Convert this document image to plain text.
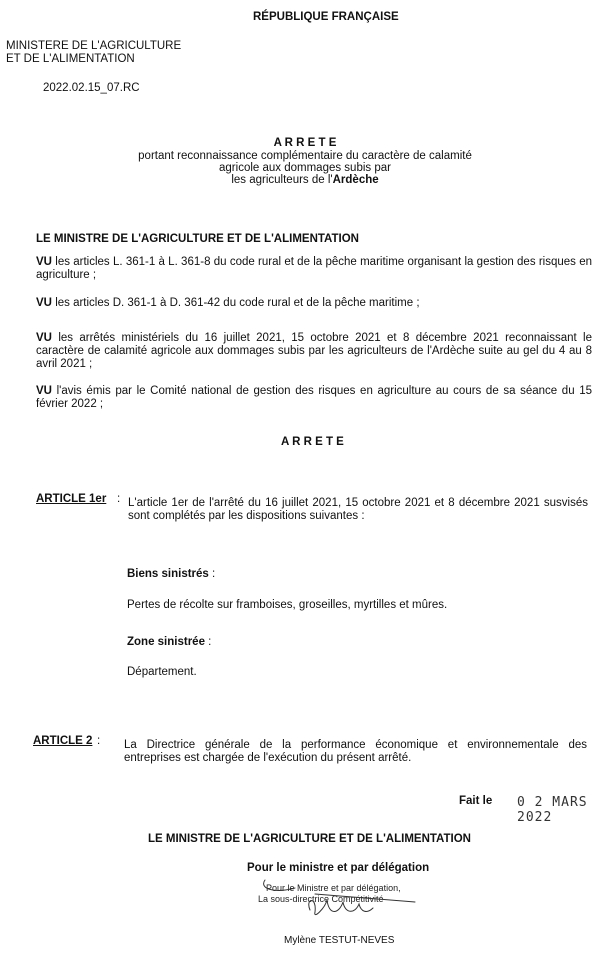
RÉPUBLIQUE FRANÇAISE
MINISTERE DE L'AGRICULTURE
ET DE L'ALIMENTATION
2022.02.15_07.RC
A R R E T E
portant reconnaissance complémentaire du caractère de calamité
agricole aux dommages subis par
les agriculteurs de l'Ardèche
LE MINISTRE DE L'AGRICULTURE ET DE L'ALIMENTATION
VU les articles L. 361-1 à L. 361-8 du code rural et de la pêche maritime organisant la gestion des risques en agriculture ;
VU les articles D. 361-1 à D. 361-42 du code rural et de la pêche maritime ;
VU les arrêtés ministériels du 16 juillet 2021, 15 octobre 2021 et 8 décembre 2021 reconnaissant le caractère de calamité agricole aux dommages subis par les agriculteurs de l'Ardèche suite au gel du 4 au 8 avril 2021 ;
VU l'avis émis par le Comité national de gestion des risques en agriculture au cours de sa séance du 15 février 2022 ;
A R R E T E
ARTICLE 1er : L'article 1er de l'arrêté du 16 juillet 2021, 15 octobre 2021 et 8 décembre 2021 susvisés sont complétés par les dispositions suivantes :
Biens sinistrés :
Pertes de récolte sur framboises, groseilles, myrtilles et mûres.
Zone sinistrée :
Département.
ARTICLE 2 : La Directrice générale de la performance économique et environnementale des entreprises est chargée de l'exécution du présent arrêté.
Fait le 0 2 MARS 2022
LE MINISTRE DE L'AGRICULTURE ET DE L'ALIMENTATION
Pour le ministre et par délégation
Pour le Ministre et par délégation,
La sous-directrice Compétitivité
Mylène TESTUT-NEVES
